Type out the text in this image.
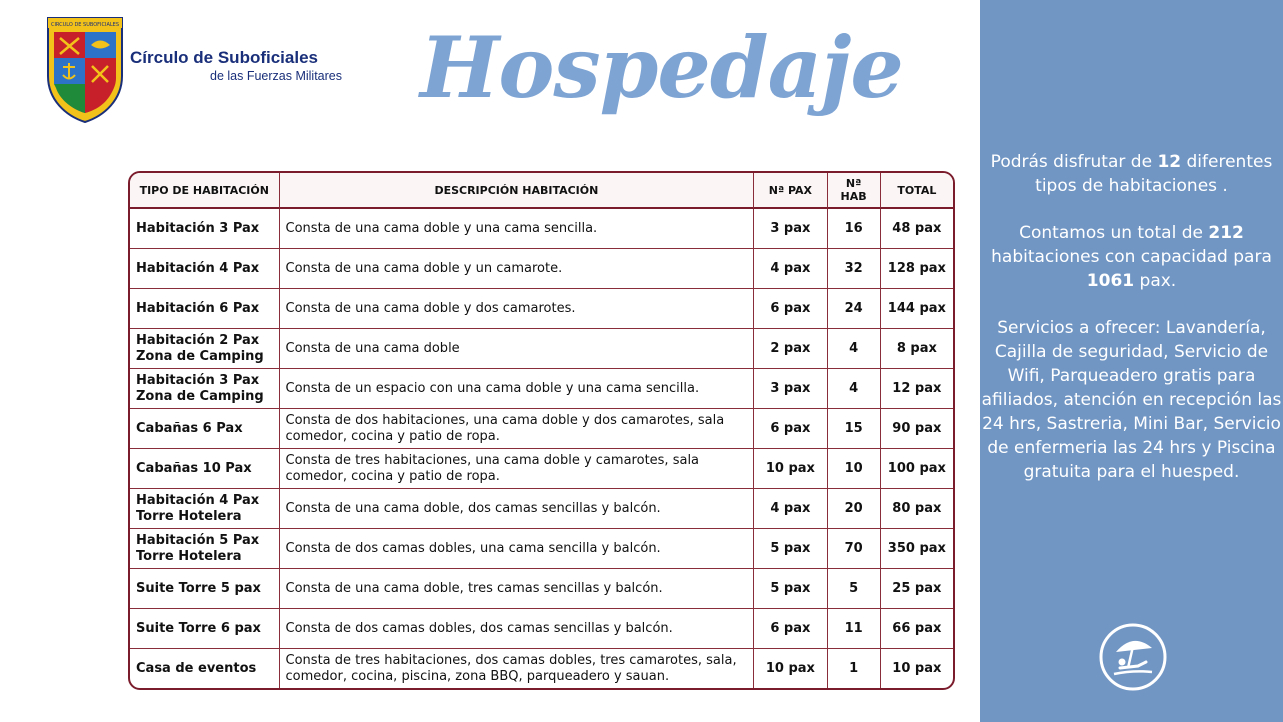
CIRCULO DE SUBOFICIALES
Círculo de Suboficiales
de las Fuerzas Militares Hospedaje
TIPO DE HABITACIÓN	DESCRIPCIÓN HABITACIÓN	Nª PAX	Nª HAB	TOTAL
Habitación 3 Pax	Consta de una cama doble y una cama sencilla.	3 pax	16	48 pax
Habitación 4 Pax	Consta de una cama doble y un camarote.	4 pax	32	128 pax
Habitación 6 Pax	Consta de una cama doble y dos camarotes.	6 pax	24	144 pax
Habitación 2 Pax Zona de Camping	Consta de una cama doble	2 pax	4	8 pax
Habitación 3 Pax Zona de Camping	Consta de un espacio con una cama doble y una cama sencilla.	3 pax	4	12 pax
Cabañas 6 Pax	Consta de dos habitaciones, una cama doble y dos camarotes, sala comedor, cocina y patio de ropa.	6 pax	15	90 pax
Cabañas 10 Pax	Consta de tres habitaciones, una cama doble y camarotes, sala comedor, cocina y patio de ropa.	10 pax	10	100 pax
Habitación 4 Pax Torre Hotelera	Consta de una cama doble, dos camas sencillas y balcón.	4 pax	20	80 pax
Habitación 5 Pax Torre Hotelera	Consta de dos camas dobles, una cama sencilla y balcón.	5 pax	70	350 pax
Suite Torre 5 pax	Consta de una cama doble, tres camas sencillas y balcón.	5 pax	5	25 pax
Suite Torre 6 pax	Consta de dos camas dobles, dos camas sencillas y balcón.	6 pax	11	66 pax
Casa de eventos	Consta de tres habitaciones, dos camas dobles, tres camarotes, sala, comedor, cocina, piscina, zona BBQ, parqueadero y sauan.	10 pax	1	10 pax

Podrás disfrutar de 12 diferentes tipos de habitaciones .

Contamos un total de 212 habitaciones con capacidad para 1061 pax.

Servicios a ofrecer: Lavandería, Cajilla de seguridad, Servicio de Wifi, Parqueadero gratis para afiliados, atención en recepción las 24 hrs, Sastreria, Mini Bar, Servicio de enfermeria las 24 hrs y Piscina gratuita para el huesped.
